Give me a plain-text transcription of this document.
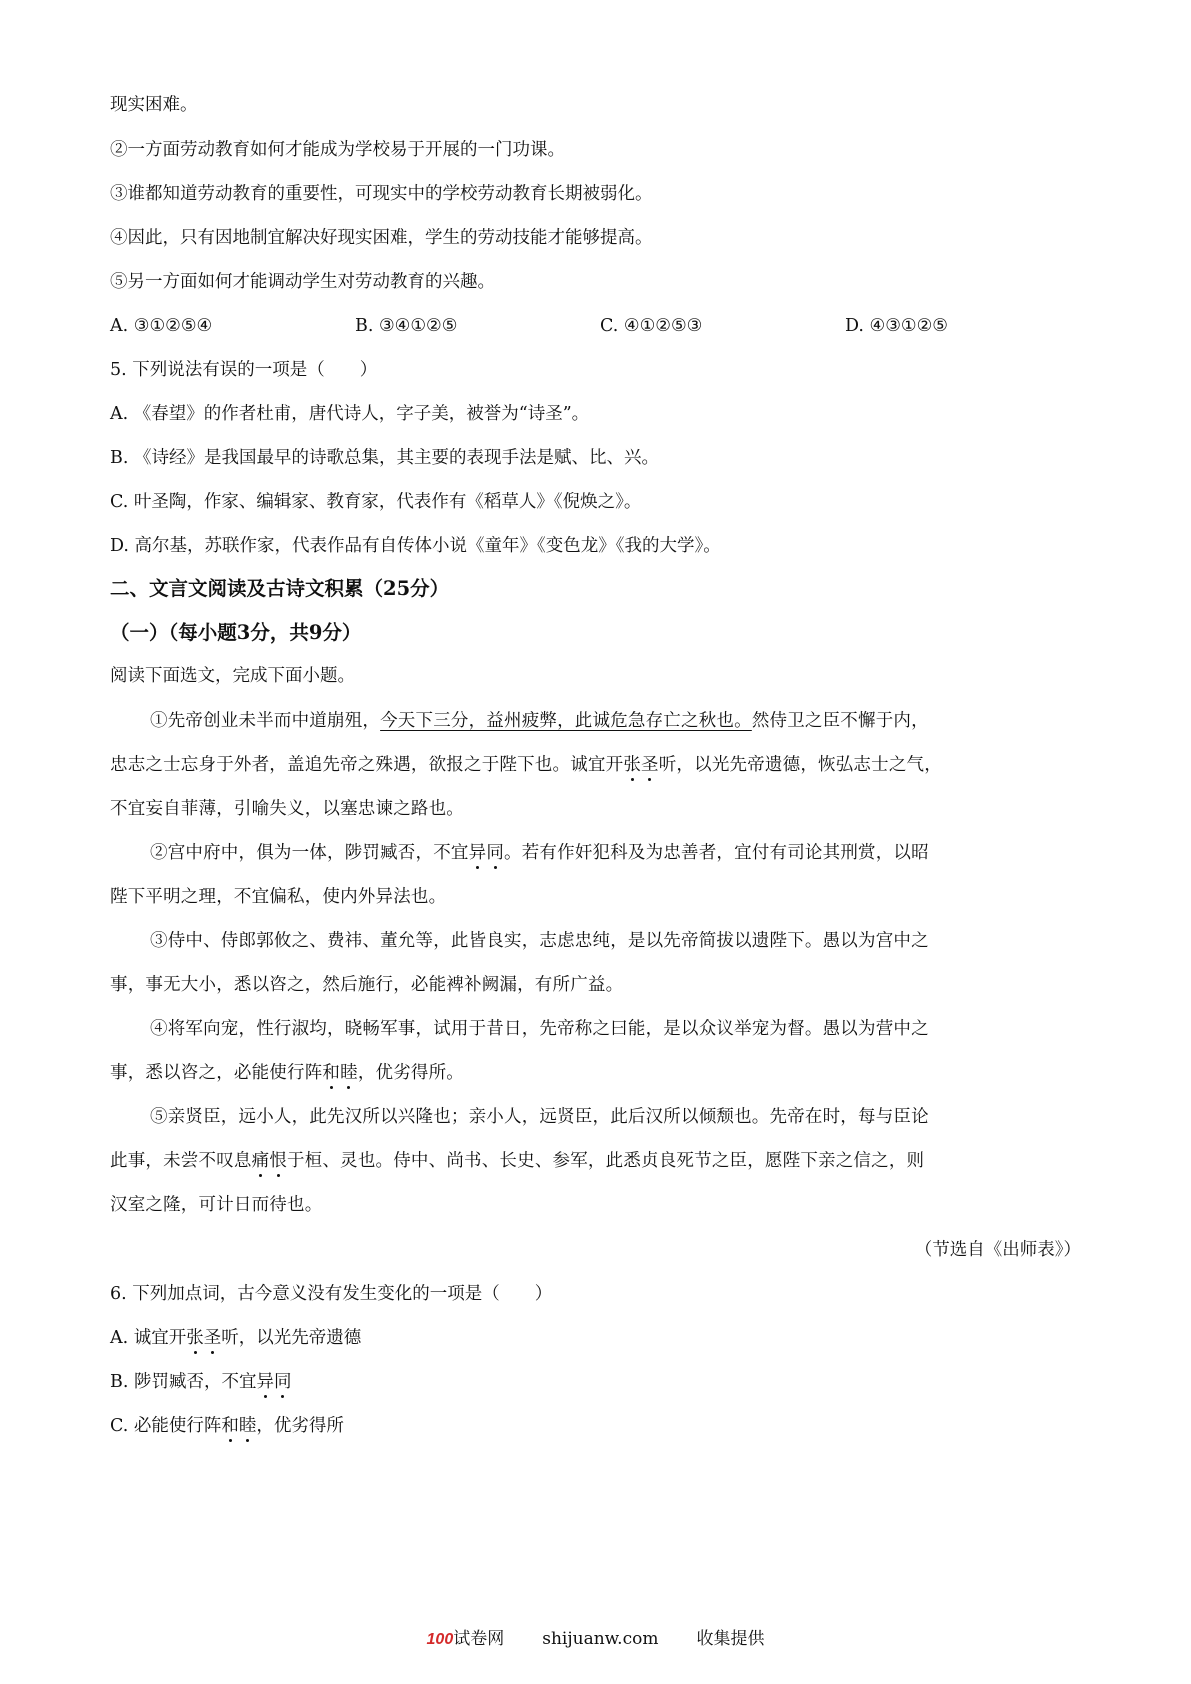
现实困难。
②一方面劳动教育如何才能成为学校易于开展的一门功课。
③谁都知道劳动教育的重要性，可现实中的学校劳动教育长期被弱化。
④因此，只有因地制宜解决好现实困难，学生的劳动技能才能够提高。
⑤另一方面如何才能调动学生对劳动教育的兴趣。
A. ③①②⑤④	B. ③④①②⑤	C. ④①②⑤③	D. ④③①②⑤
5. 下列说法有误的一项是（　　）
A. 《春望》的作者杜甫，唐代诗人，字子美，被誉为“诗圣”。
B. 《诗经》是我国最早的诗歌总集，其主要的表现手法是赋、比、兴。
C. 叶圣陶，作家、编辑家、教育家，代表作有《稻草人》《倪焕之》。
D. 高尔基，苏联作家，代表作品有自传体小说《童年》《变色龙》《我的大学》。
二、文言文阅读及古诗文积累（25分）
（一）（每小题3分，共9分）
阅读下面选文，完成下面小题。
①先帝创业未半而中道崩殂，今天下三分，益州疲弊，此诚危急存亡之秋也。然侍卫之臣不懈于内，
忠志之士忘身于外者，盖追先帝之殊遇，欲报之于陛下也。诚宜开张圣听，以光先帝遗德，恢弘志士之气，
不宜妄自菲薄，引喻失义，以塞忠谏之路也。
②宫中府中，俱为一体，陟罚臧否，不宜异同。若有作奸犯科及为忠善者，宜付有司论其刑赏，以昭
陛下平明之理，不宜偏私，使内外异法也。
③侍中、侍郎郭攸之、费祎、董允等，此皆良实，志虑忠纯，是以先帝简拔以遗陛下。愚以为宫中之
事，事无大小，悉以咨之，然后施行，必能裨补阙漏，有所广益。
④将军向宠，性行淑均，晓畅军事，试用于昔日，先帝称之曰能，是以众议举宠为督。愚以为营中之
事，悉以咨之，必能使行阵和睦，优劣得所。
⑤亲贤臣，远小人，此先汉所以兴隆也；亲小人，远贤臣，此后汉所以倾颓也。先帝在时，每与臣论
此事，未尝不叹息痛恨于桓、灵也。侍中、尚书、长史、参军，此悉贞良死节之臣，愿陛下亲之信之，则
汉室之隆，可计日而待也。
（节选自《出师表》）
6. 下列加点词，古今意义没有发生变化的一项是（　　）
A. 诚宜开张圣听，以光先帝遗德
B. 陟罚臧否，不宜异同
C. 必能使行阵和睦，优劣得所
100试卷网 shijuanw.com 收集提供
